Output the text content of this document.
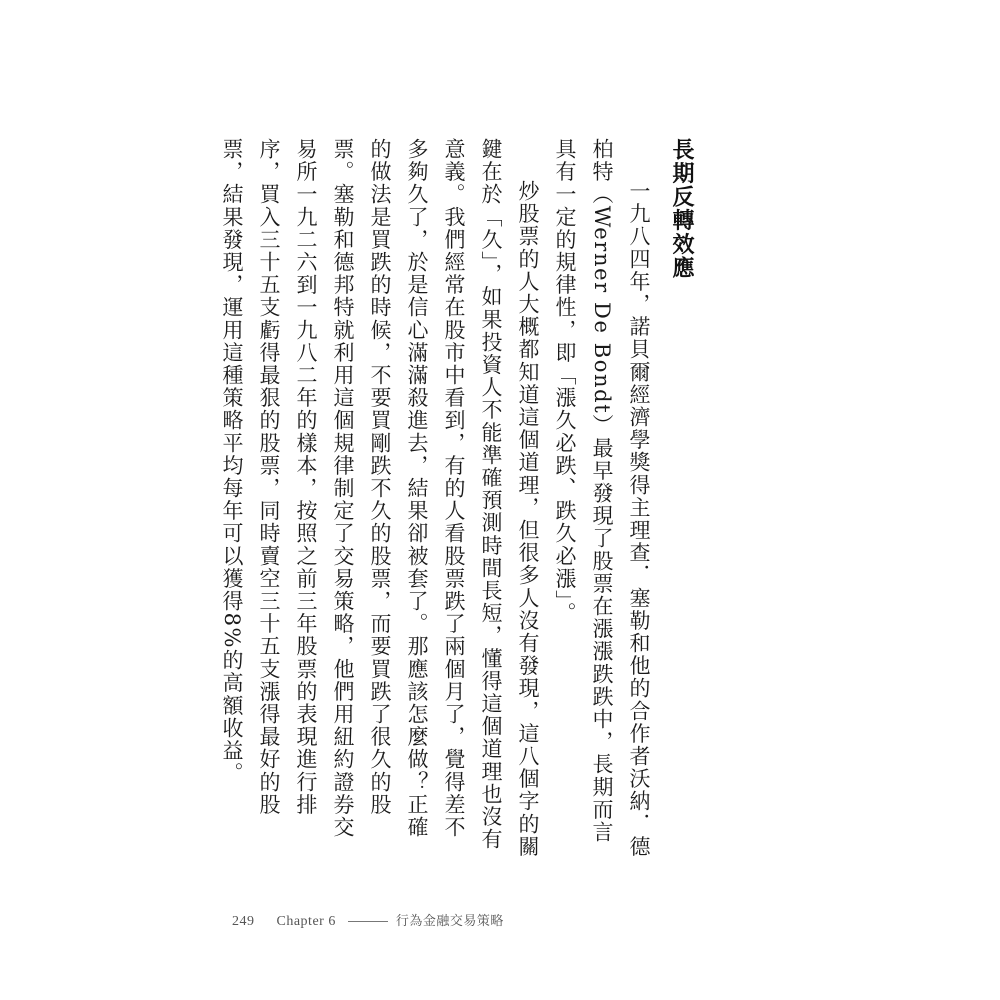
長期反轉效應

一九八四年，諾貝爾經濟學獎得主理查．塞勒和他的合作者沃納．德柏特（Werner De Bondt）最早發現了股票在漲漲跌跌中，長期而言具有一定的規律性，即「漲久必跌、跌久必漲」。

炒股票的人大概都知道這個道理，但很多人沒有發現，這八個字的關鍵在於「久」，如果投資人不能準確預測時間長短，懂得這個道理也沒有意義。我們經常在股市中看到，有的人看股票跌了兩個月了，覺得差不多夠久了，於是信心滿滿殺進去，結果卻被套了。那應該怎麼做？正確的做法是買跌的時候，不要買剛跌不久的股票，而要買跌了很久的股票。塞勒和德邦特就利用這個規律制定了交易策略，他們用紐約證券交易所一九二六到一九八二年的樣本，按照之前三年股票的表現進行排序，買入三十五支虧得最狠的股票，同時賣空三十五支漲得最好的股票，結果發現，運用這種策略平均每年可以獲得8%的高額收益。

249 Chapter 6	行為金融交易策略
